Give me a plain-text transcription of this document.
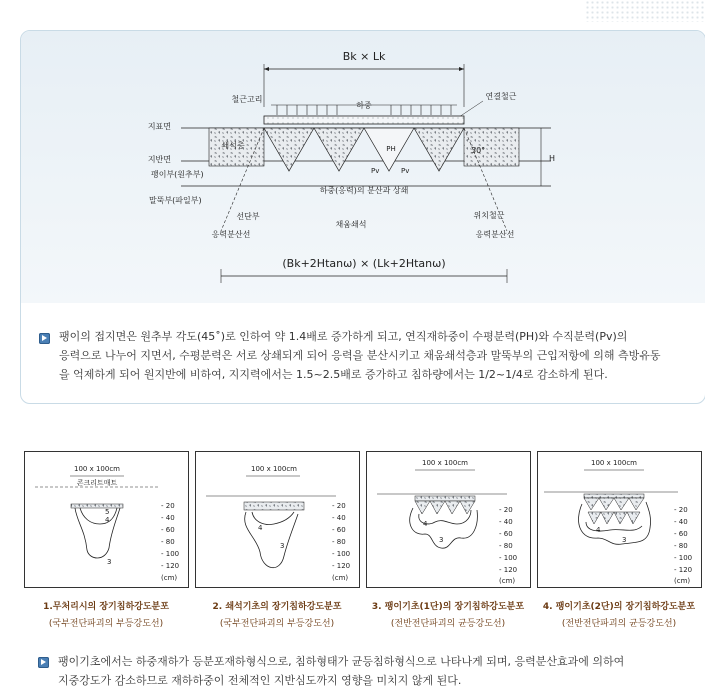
Bk × Lk
하중
철근고리	연결철근
지표면
지반면
쇄석층	PH	30°
Pv	Pv
팽이부(원추부)
하중(응력)의 분산과 상쇄
H
말뚝부(파일부)
선단부
채움쇄석
위치철근
응력분산선	응력분산선
(Bk+2Htanω) × (Lk+2Htanω)
팽이의 접지면은 원추부 각도(45˚)로 인하여 약 1.4배로 증가하게 되고, 연직재하중이 수평분력(PH)와 수직분력(Pv)의
응력으로 나누어 지면서, 수평분력은 서로 상쇄되게 되어 응력을 분산시키고 채움쇄석층과 말뚝부의 근입저항에 의해 측방유동
을 억제하게 되어 원지반에 비하여, 지지력에서는 1.5~2.5배로 증가하고 침하량에서는 1/2~1/4로 감소하게 된다.
100 x 100cm
콘크리트매트
5
4
3
- 20
- 40
- 60
- 80
- 100
- 120
(cm)
1.무처리시의 장기침하강도분포
(국부전단파괴의 부등강도선)
100 x 100cm
4
3
- 20
- 40
- 60
- 80
- 100
- 120
(cm)
2. 쇄석기초의 장기침하강도분포
(국부전단파괴의 부등강도선)
100 x 100cm
4
3
- 20
- 40
- 60
- 80
- 100
- 120
(cm)
3. 팽이기초(1단)의 장기침하강도분포
(전반전단파괴의 균등강도선)
100 x 100cm
4
3
- 20
- 40
- 60
- 80
- 100
- 120
(cm)
4. 팽이기초(2단)의 장기침하강도분포
(전반전단파괴의 균등강도선)
팽이기초에서는 하중재하가 등분포재하형식으로, 침하형태가 균등침하형식으로 나타나게 되며, 응력분산효과에 의하여
지중강도가 감소하므로 재하하중이 전체적인 지반심도까지 영향을 미치지 않게 된다.
